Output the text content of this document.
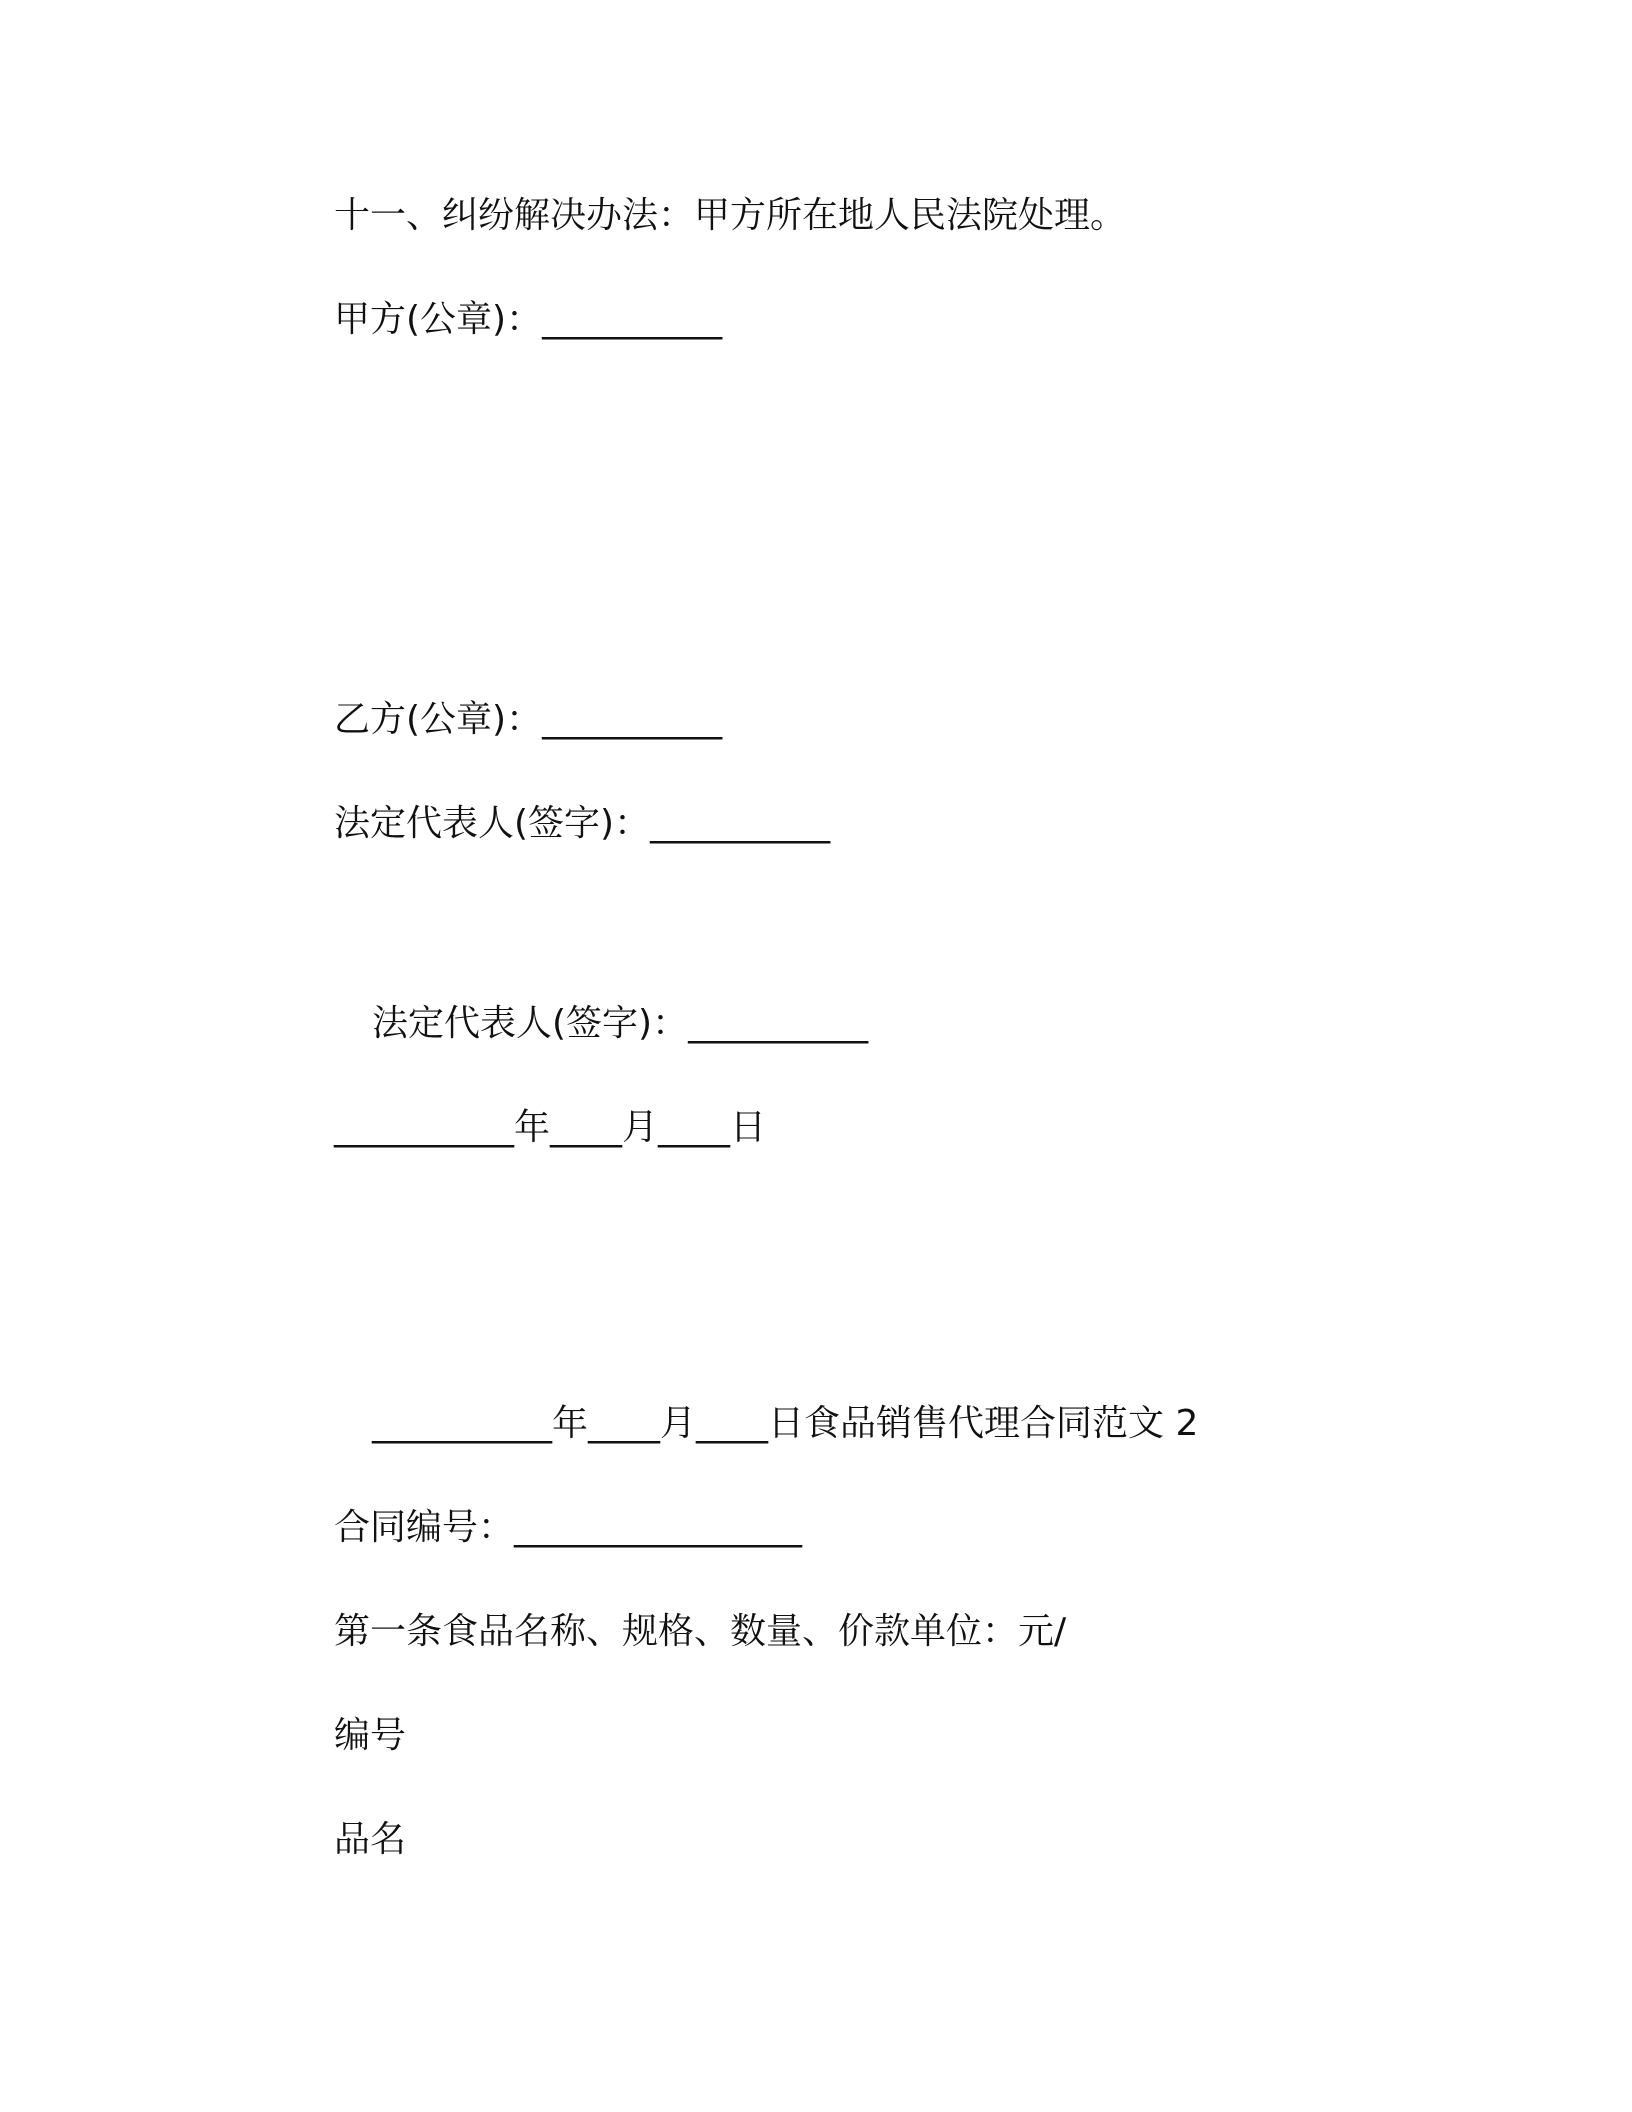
十一、纠纷解决办法：甲方所在地人民法院处理。
甲方(公章)：__________
乙方(公章)：__________
法定代表人(签字)：__________
法定代表人(签字)：__________
__________年____月____日
__________年____月____日食品销售代理合同范文 2
合同编号：________________
第一条食品名称、规格、数量、价款单位：元/
编号
品名
